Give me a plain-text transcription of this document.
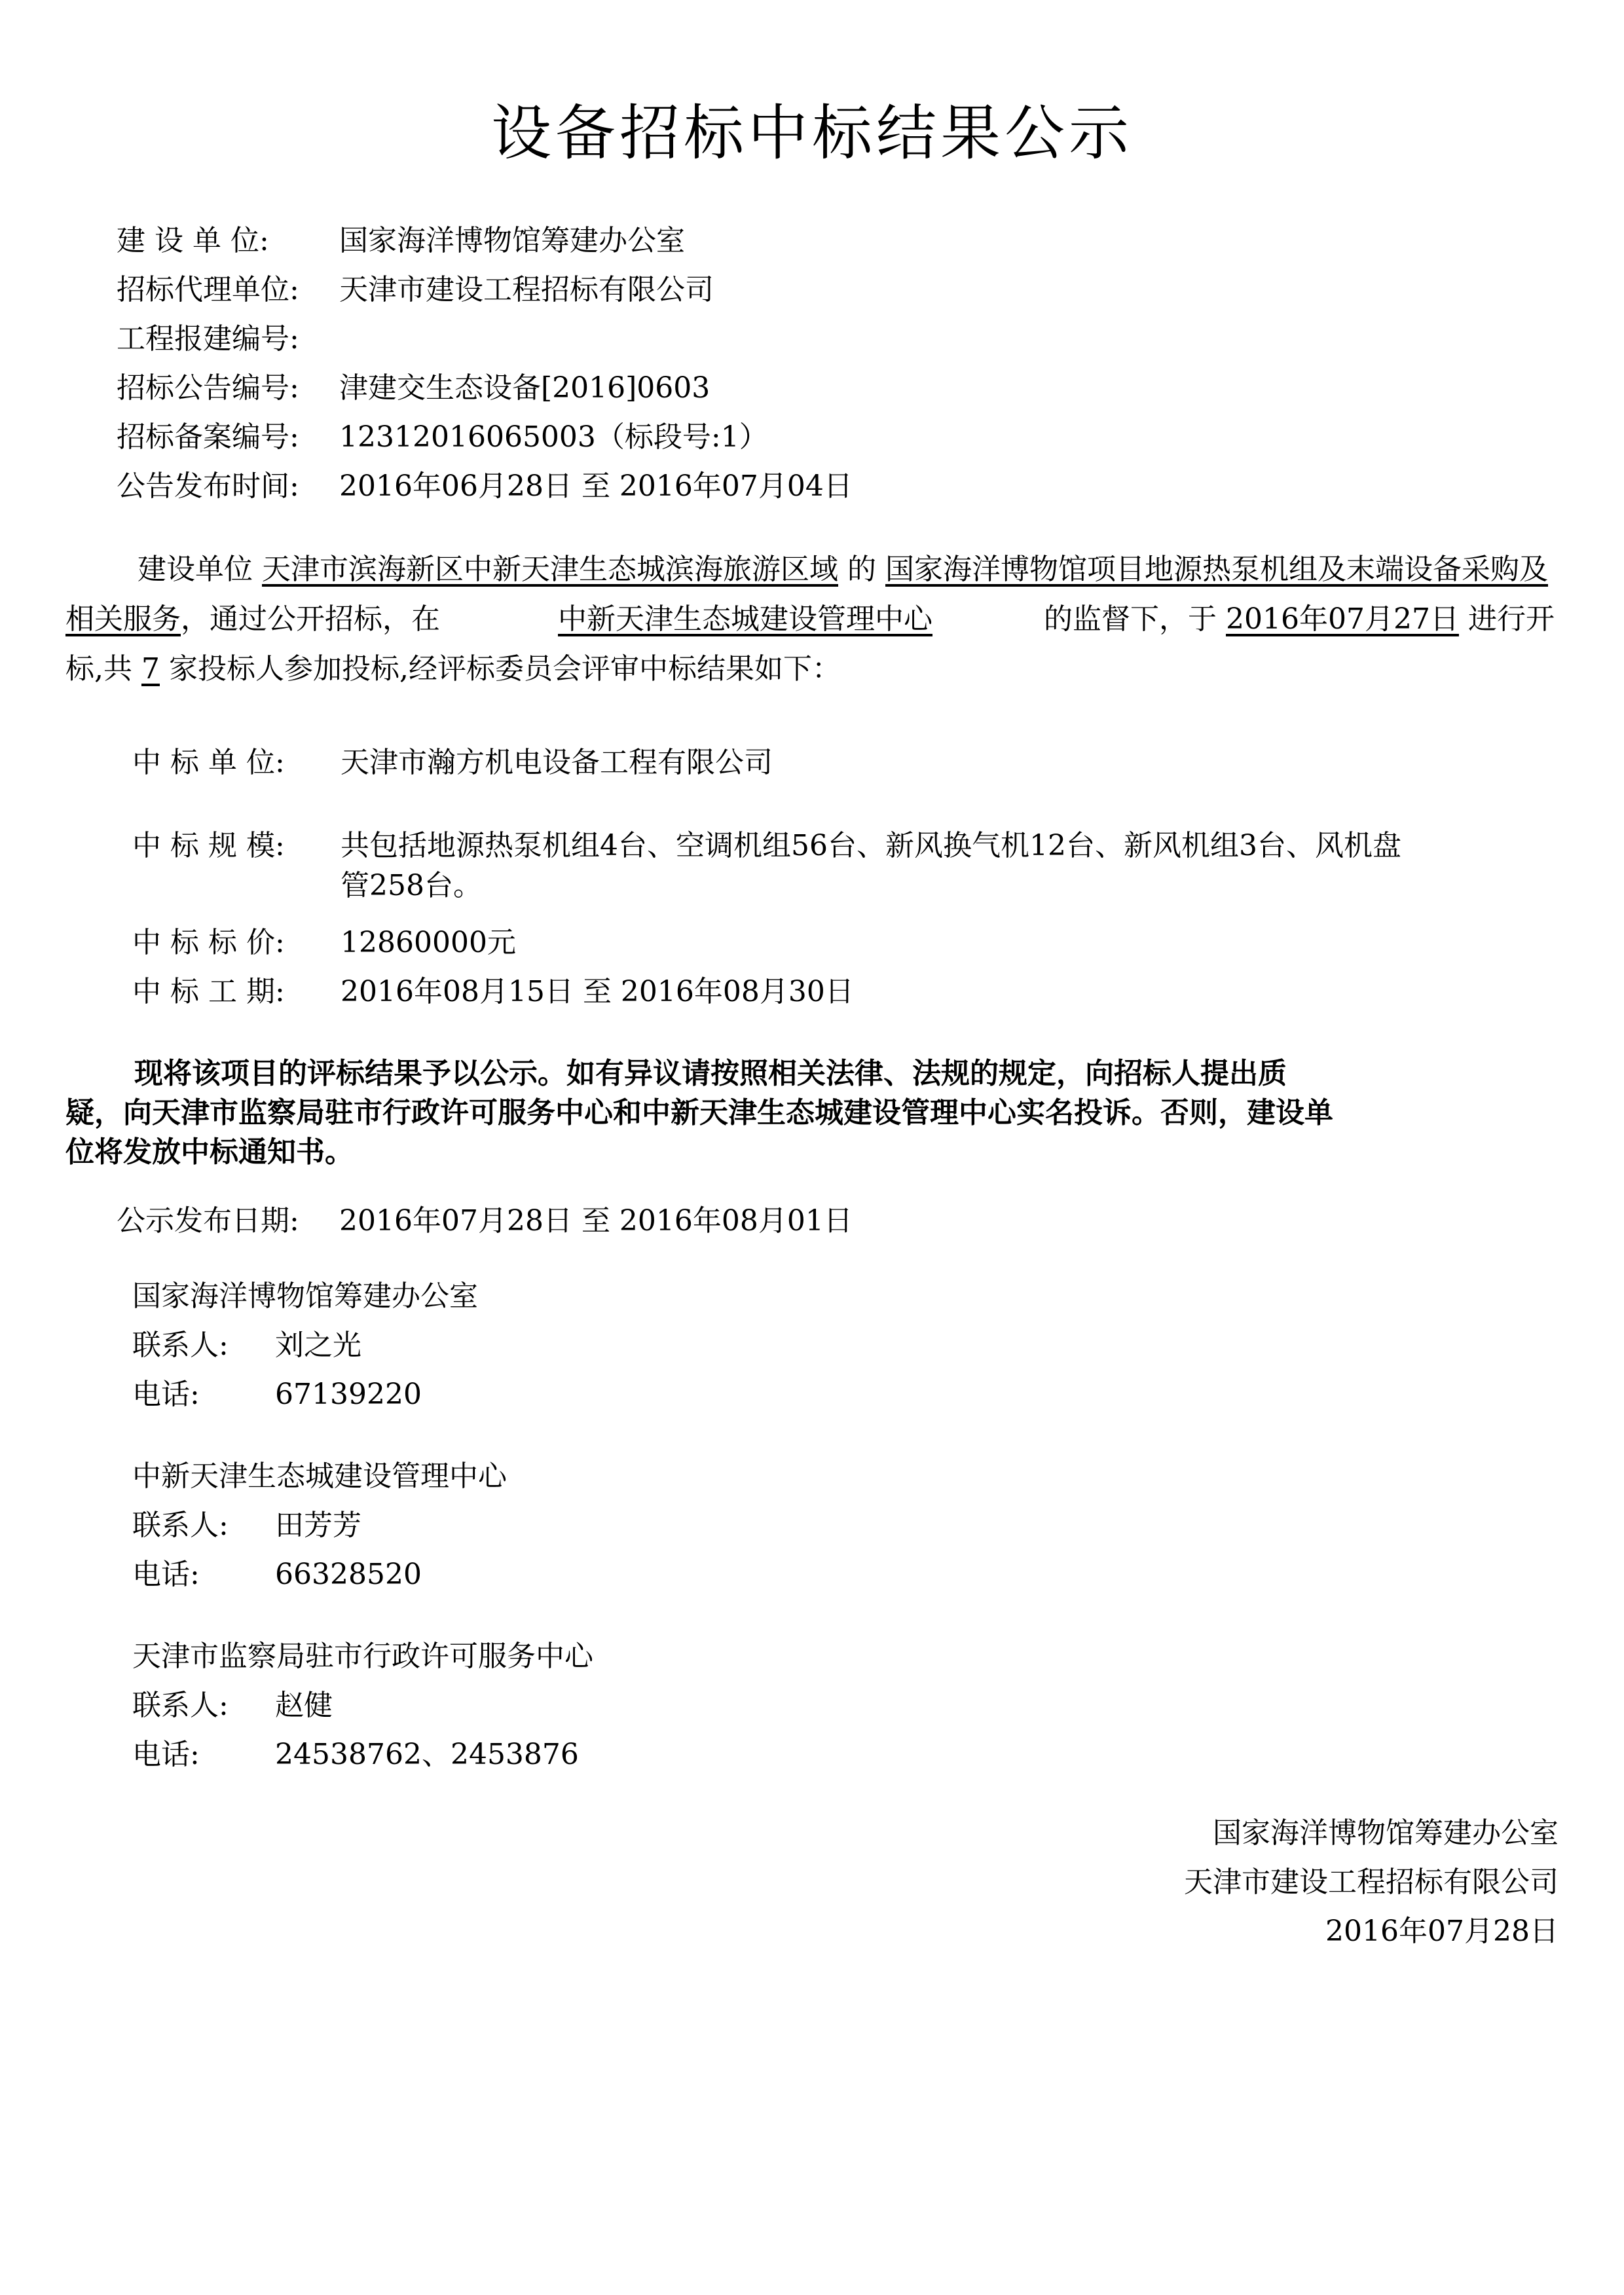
设备招标中标结果公示
建 设 单 位: 国家海洋博物馆筹建办公室
招标代理单位: 天津市建设工程招标有限公司
工程报建编号:
招标公告编号: 津建交生态设备[2016]0603
招标备案编号: 12312016065003（标段号:1）
公告发布时间: 2016年06月28日 至 2016年07月04日
建设单位 天津市滨海新区中新天津生态城滨海旅游区域 的 国家海洋博物馆项目地源热泵机组及末端设备采购及相关服务，通过公开招标，在	中新天津生态城建设管理中心	的监督下，于 2016年07月27日 进行开标,共 7 家投标人参加投标,经评标委员会评审中标结果如下：
中 标 单 位: 天津市瀚方机电设备工程有限公司
中 标 规 模: 共包括地源热泵机组4台、空调机组56台、新风换气机12台、新风机组3台、风机盘
管258台。
中 标 标 价: 12860000元
中 标 工 期: 2016年08月15日 至 2016年08月30日
现将该项目的评标结果予以公示。如有异议请按照相关法律、法规的规定，向招标人提出质
疑，向天津市监察局驻市行政许可服务中心和中新天津生态城建设管理中心实名投诉。否则，建设单
位将发放中标通知书。
公示发布日期: 2016年07月28日 至 2016年08月01日
国家海洋博物馆筹建办公室
联系人: 刘之光
电话:	67139220
中新天津生态城建设管理中心
联系人: 田芳芳
电话:	66328520
天津市监察局驻市行政许可服务中心
联系人: 赵健
电话:	24538762、2453876
国家海洋博物馆筹建办公室
天津市建设工程招标有限公司
2016年07月28日
